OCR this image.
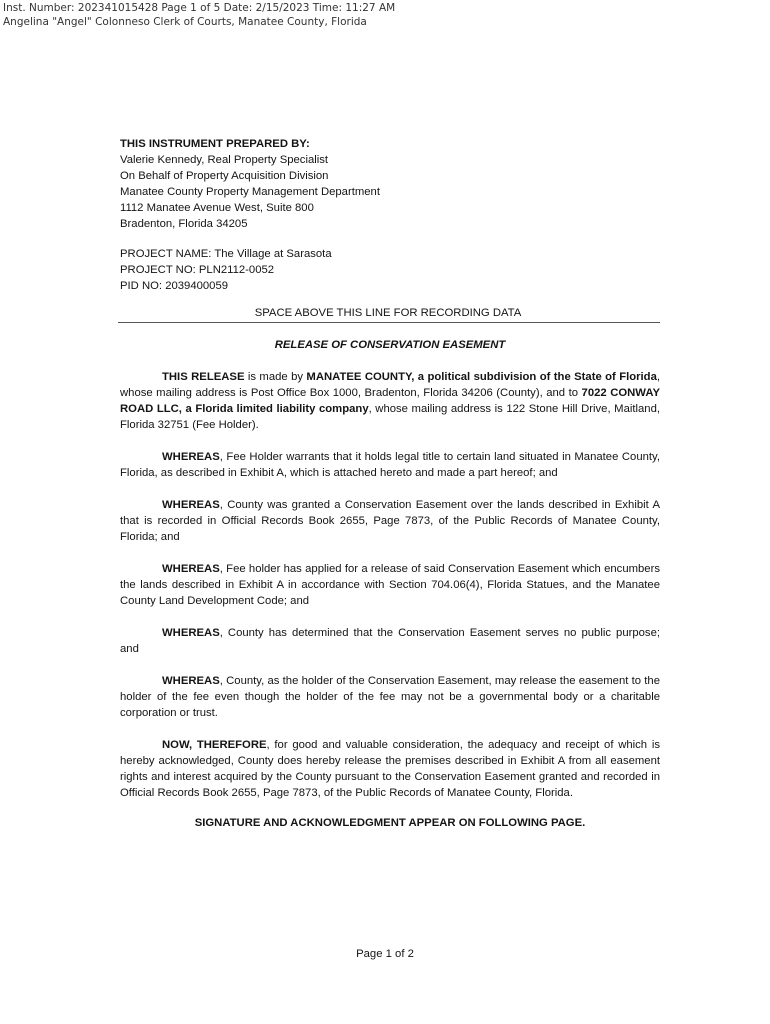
Inst. Number: 202341015428 Page 1 of 5 Date: 2/15/2023 Time: 11:27 AM
Angelina "Angel" Colonneso Clerk of Courts, Manatee County, Florida
THIS INSTRUMENT PREPARED BY:
Valerie Kennedy, Real Property Specialist
On Behalf of Property Acquisition Division
Manatee County Property Management Department
1112 Manatee Avenue West, Suite 800
Bradenton, Florida 34205
PROJECT NAME: The Village at Sarasota
PROJECT NO: PLN2112-0052
PID NO: 2039400059
SPACE ABOVE THIS LINE FOR RECORDING DATA
RELEASE OF CONSERVATION EASEMENT

THIS RELEASE is made by MANATEE COUNTY, a political subdivision of the State of Florida, whose mailing address is Post Office Box 1000, Bradenton, Florida 34206 (County), and to 7022 CONWAY ROAD LLC, a Florida limited liability company, whose mailing address is 122 Stone Hill Drive, Maitland, Florida 32751 (Fee Holder).

WHEREAS, Fee Holder warrants that it holds legal title to certain land situated in Manatee County, Florida, as described in Exhibit A, which is attached hereto and made a part hereof; and

WHEREAS, County was granted a Conservation Easement over the lands described in Exhibit A that is recorded in Official Records Book 2655, Page 7873, of the Public Records of Manatee County, Florida; and

WHEREAS, Fee holder has applied for a release of said Conservation Easement which encumbers the lands described in Exhibit A in accordance with Section 704.06(4), Florida Statues, and the Manatee County Land Development Code; and

WHEREAS, County has determined that the Conservation Easement serves no public purpose; and

WHEREAS, County, as the holder of the Conservation Easement, may release the easement to the holder of the fee even though the holder of the fee may not be a governmental body or a charitable corporation or trust.

NOW, THEREFORE, for good and valuable consideration, the adequacy and receipt of which is hereby acknowledged, County does hereby release the premises described in Exhibit A from all easement rights and interest acquired by the County pursuant to the Conservation Easement granted and recorded in Official Records Book 2655, Page 7873, of the Public Records of Manatee County, Florida.

SIGNATURE AND ACKNOWLEDGMENT APPEAR ON FOLLOWING PAGE.
Page 1 of 2
